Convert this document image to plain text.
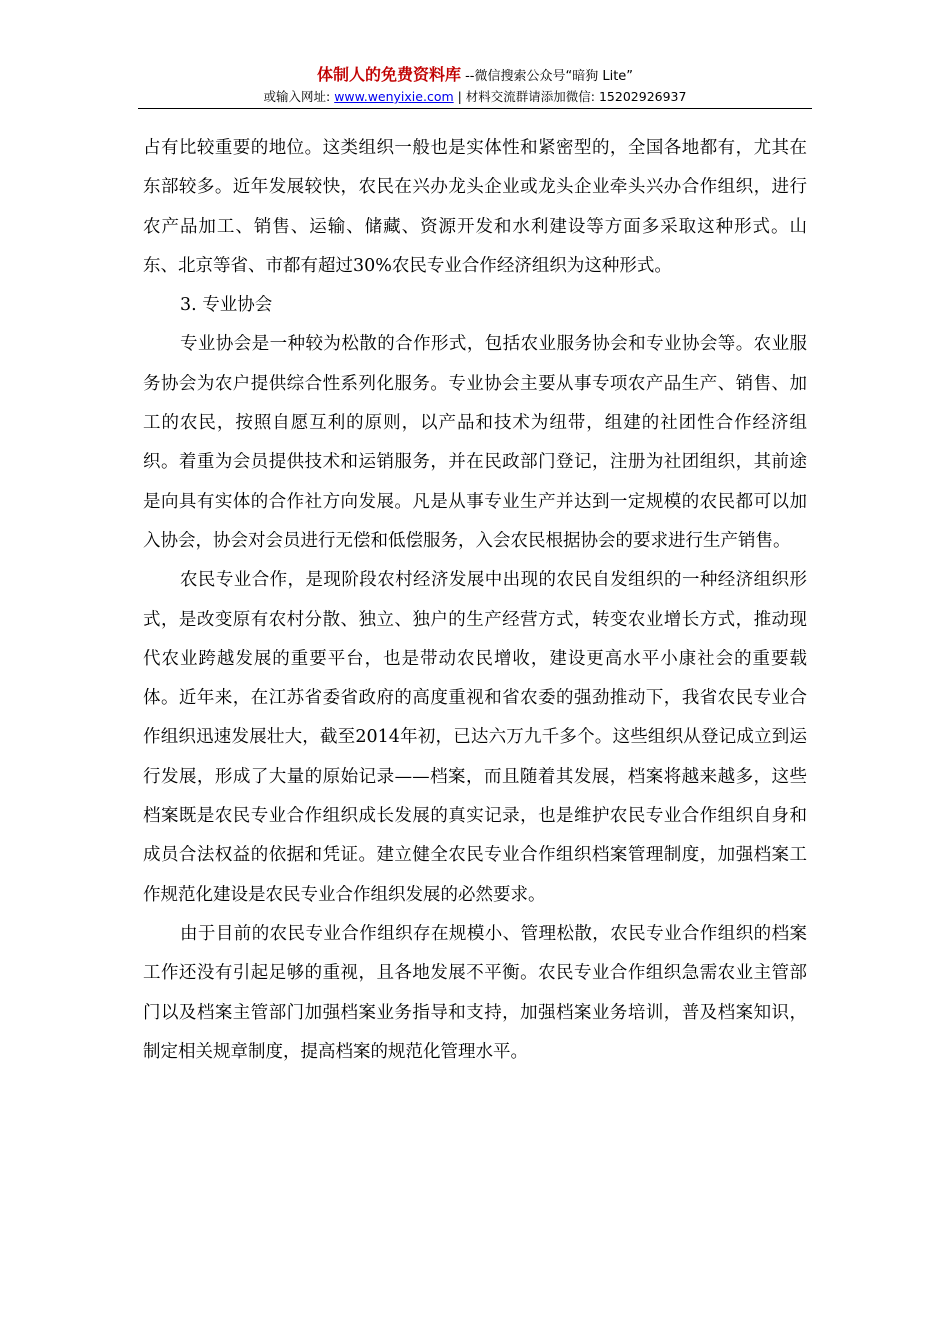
体制人的免费资料库 --微信搜索公众号“暗狗 Lite”
或输入网址: www.wenyixie.com | 材料交流群请添加微信: 15202926937

占有比较重要的地位。这类组织一般也是实体性和紧密型的，全国各地都有，尤其在东部较多。近年发展较快，农民在兴办龙头企业或龙头企业牵头兴办合作组织，进行农产品加工、销售、运输、储藏、资源开发和水利建设等方面多采取这种形式。山东、北京等省、市都有超过30%农民专业合作经济组织为这种形式。

3. 专业协会

专业协会是一种较为松散的合作形式，包括农业服务协会和专业协会等。农业服务协会为农户提供综合性系列化服务。专业协会主要从事专项农产品生产、销售、加工的农民，按照自愿互利的原则，以产品和技术为纽带，组建的社团性合作经济组织。着重为会员提供技术和运销服务，并在民政部门登记，注册为社团组织，其前途是向具有实体的合作社方向发展。凡是从事专业生产并达到一定规模的农民都可以加入协会，协会对会员进行无偿和低偿服务，入会农民根据协会的要求进行生产销售。

农民专业合作，是现阶段农村经济发展中出现的农民自发组织的一种经济组织形式，是改变原有农村分散、独立、独户的生产经营方式，转变农业增长方式，推动现代农业跨越发展的重要平台，也是带动农民增收，建设更高水平小康社会的重要载体。近年来，在江苏省委省政府的高度重视和省农委的强劲推动下，我省农民专业合作组织迅速发展壮大，截至2014年初，已达六万九千多个。这些组织从登记成立到运行发展，形成了大量的原始记录——档案，而且随着其发展，档案将越来越多，这些档案既是农民专业合作组织成长发展的真实记录，也是维护农民专业合作组织自身和成员合法权益的依据和凭证。建立健全农民专业合作组织档案管理制度，加强档案工作规范化建设是农民专业合作组织发展的必然要求。

由于目前的农民专业合作组织存在规模小、管理松散，农民专业合作组织的档案工作还没有引起足够的重视，且各地发展不平衡。农民专业合作组织急需农业主管部门以及档案主管部门加强档案业务指导和支持，加强档案业务培训，普及档案知识，制定相关规章制度，提高档案的规范化管理水平。
